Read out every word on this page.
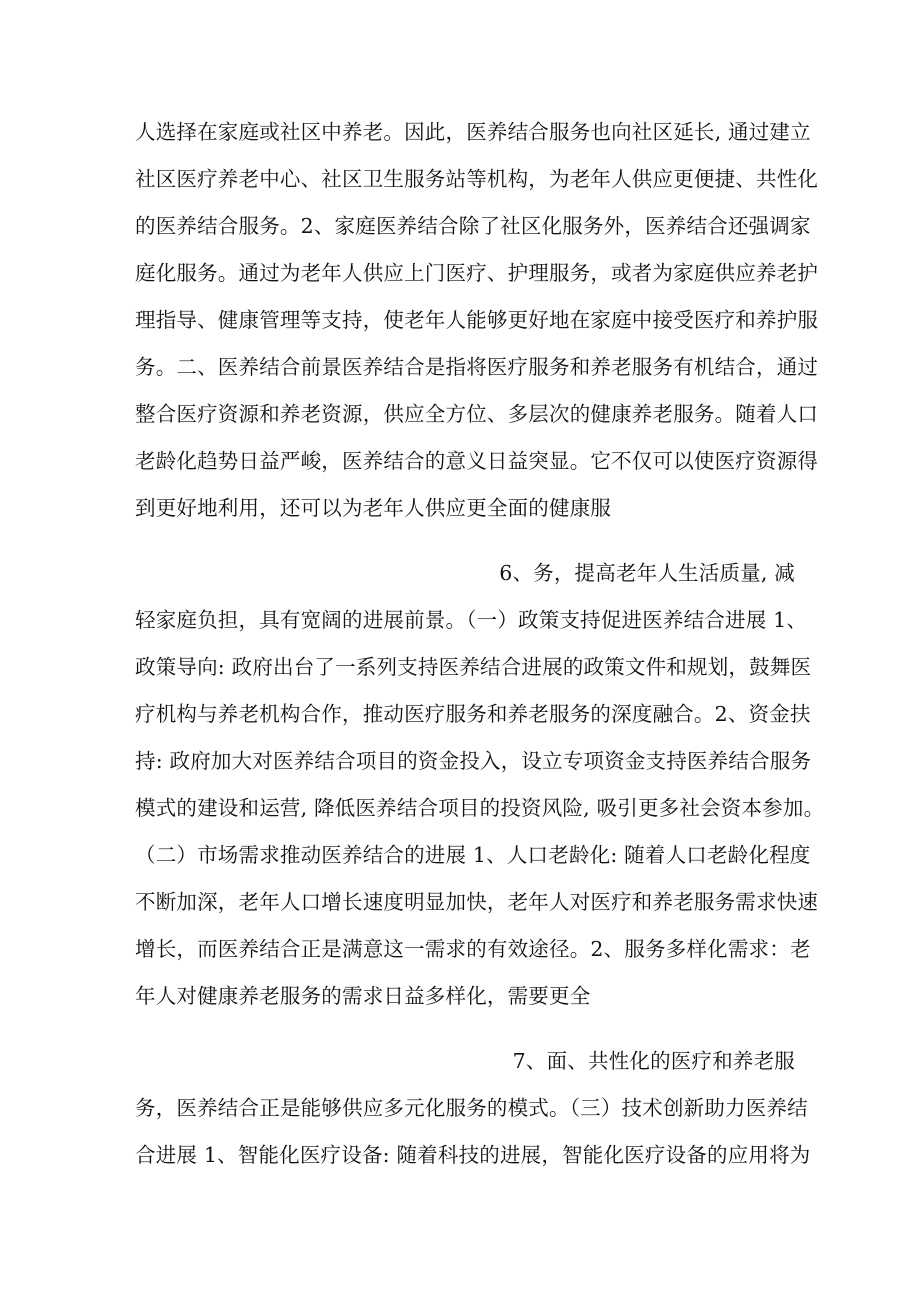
人选择在家庭或社区中养老。因此，医养结合服务也向社区延长, 通过建立
社区医疗养老中心、社区卫生服务站等机构，为老年人供应更便捷、共性化
的医养结合服务。2、家庭医养结合除了社区化服务外，医养结合还强调家
庭化服务。通过为老年人供应上门医疗、护理服务，或者为家庭供应养老护
理指导、健康管理等支持，使老年人能够更好地在家庭中接受医疗和养护服
务。二、医养结合前景医养结合是指将医疗服务和养老服务有机结合，通过
整合医疗资源和养老资源，供应全方位、多层次的健康养老服务。随着人口
老龄化趋势日益严峻，医养结合的意义日益突显。它不仅可以使医疗资源得
到更好地利用，还可以为老年人供应更全面的健康服
6、务，提高老年人生活质量, 减
轻家庭负担，具有宽阔的进展前景。（一）政策支持促进医养结合进展 1、
政策导向: 政府出台了一系列支持医养结合进展的政策文件和规划，鼓舞医
疗机构与养老机构合作，推动医疗服务和养老服务的深度融合。2、资金扶
持: 政府加大对医养结合项目的资金投入，设立专项资金支持医养结合服务
模式的建设和运营, 降低医养结合项目的投资风险, 吸引更多社会资本参加。
（二）市场需求推动医养结合的进展 1、人口老龄化: 随着人口老龄化程度
不断加深，老年人口增长速度明显加快，老年人对医疗和养老服务需求快速
增长，而医养结合正是满意这一需求的有效途径。2、服务多样化需求：老
年人对健康养老服务的需求日益多样化，需要更全
7、面、共性化的医疗和养老服
务，医养结合正是能够供应多元化服务的模式。（三）技术创新助力医养结
合进展 1、智能化医疗设备: 随着科技的进展，智能化医疗设备的应用将为
